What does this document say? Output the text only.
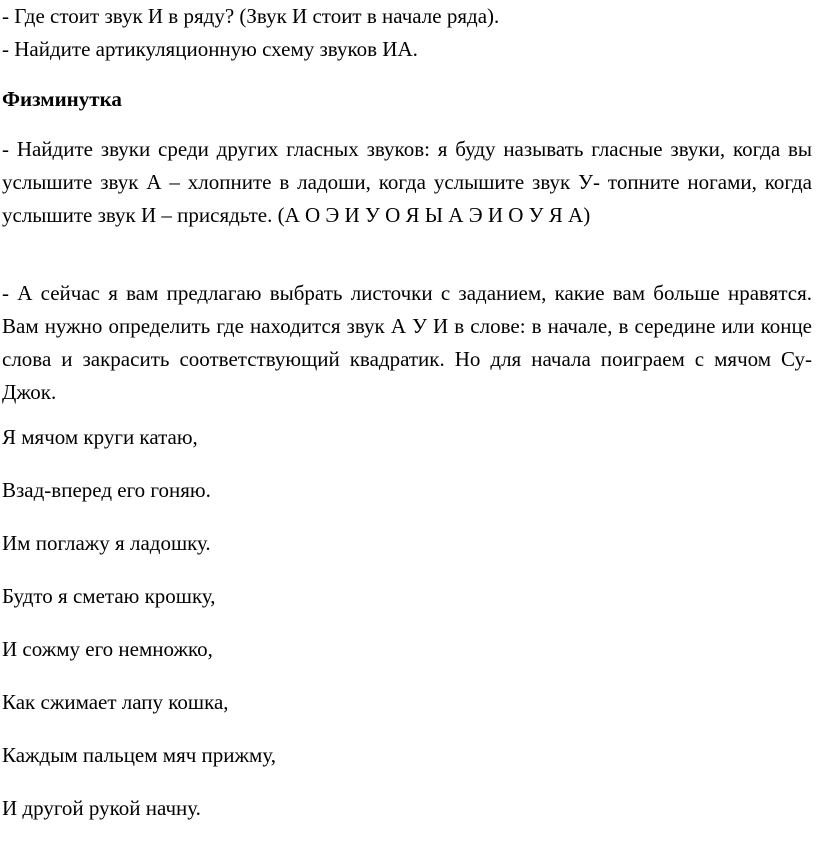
- Где стоит звук И в ряду? (Звук И стоит в начале ряда).

- Найдите артикуляционную схему звуков ИА.

Физминутка

- Найдите звуки среди других гласных звуков: я буду называть гласные звуки, когда вы услышите звук А – хлопните в ладоши, когда услышите звук У- топните ногами, когда услышите звук И – присядьте. (А О Э И У О Я Ы А Э И О У Я А)

- А сейчас я вам предлагаю выбрать листочки с заданием, какие вам больше нравятся. Вам нужно определить где находится звук А У И в слове: в начале, в середине или конце слова и закрасить соответствующий квадратик. Но для начала поиграем с мячом Су-Джок.

Я мячом круги катаю,

Взад-вперед его гоняю.

Им поглажу я ладошку.

Будто я сметаю крошку,

И сожму его немножко,

Как сжимает лапу кошка,

Каждым пальцем мяч прижму,

И другой рукой начну.
